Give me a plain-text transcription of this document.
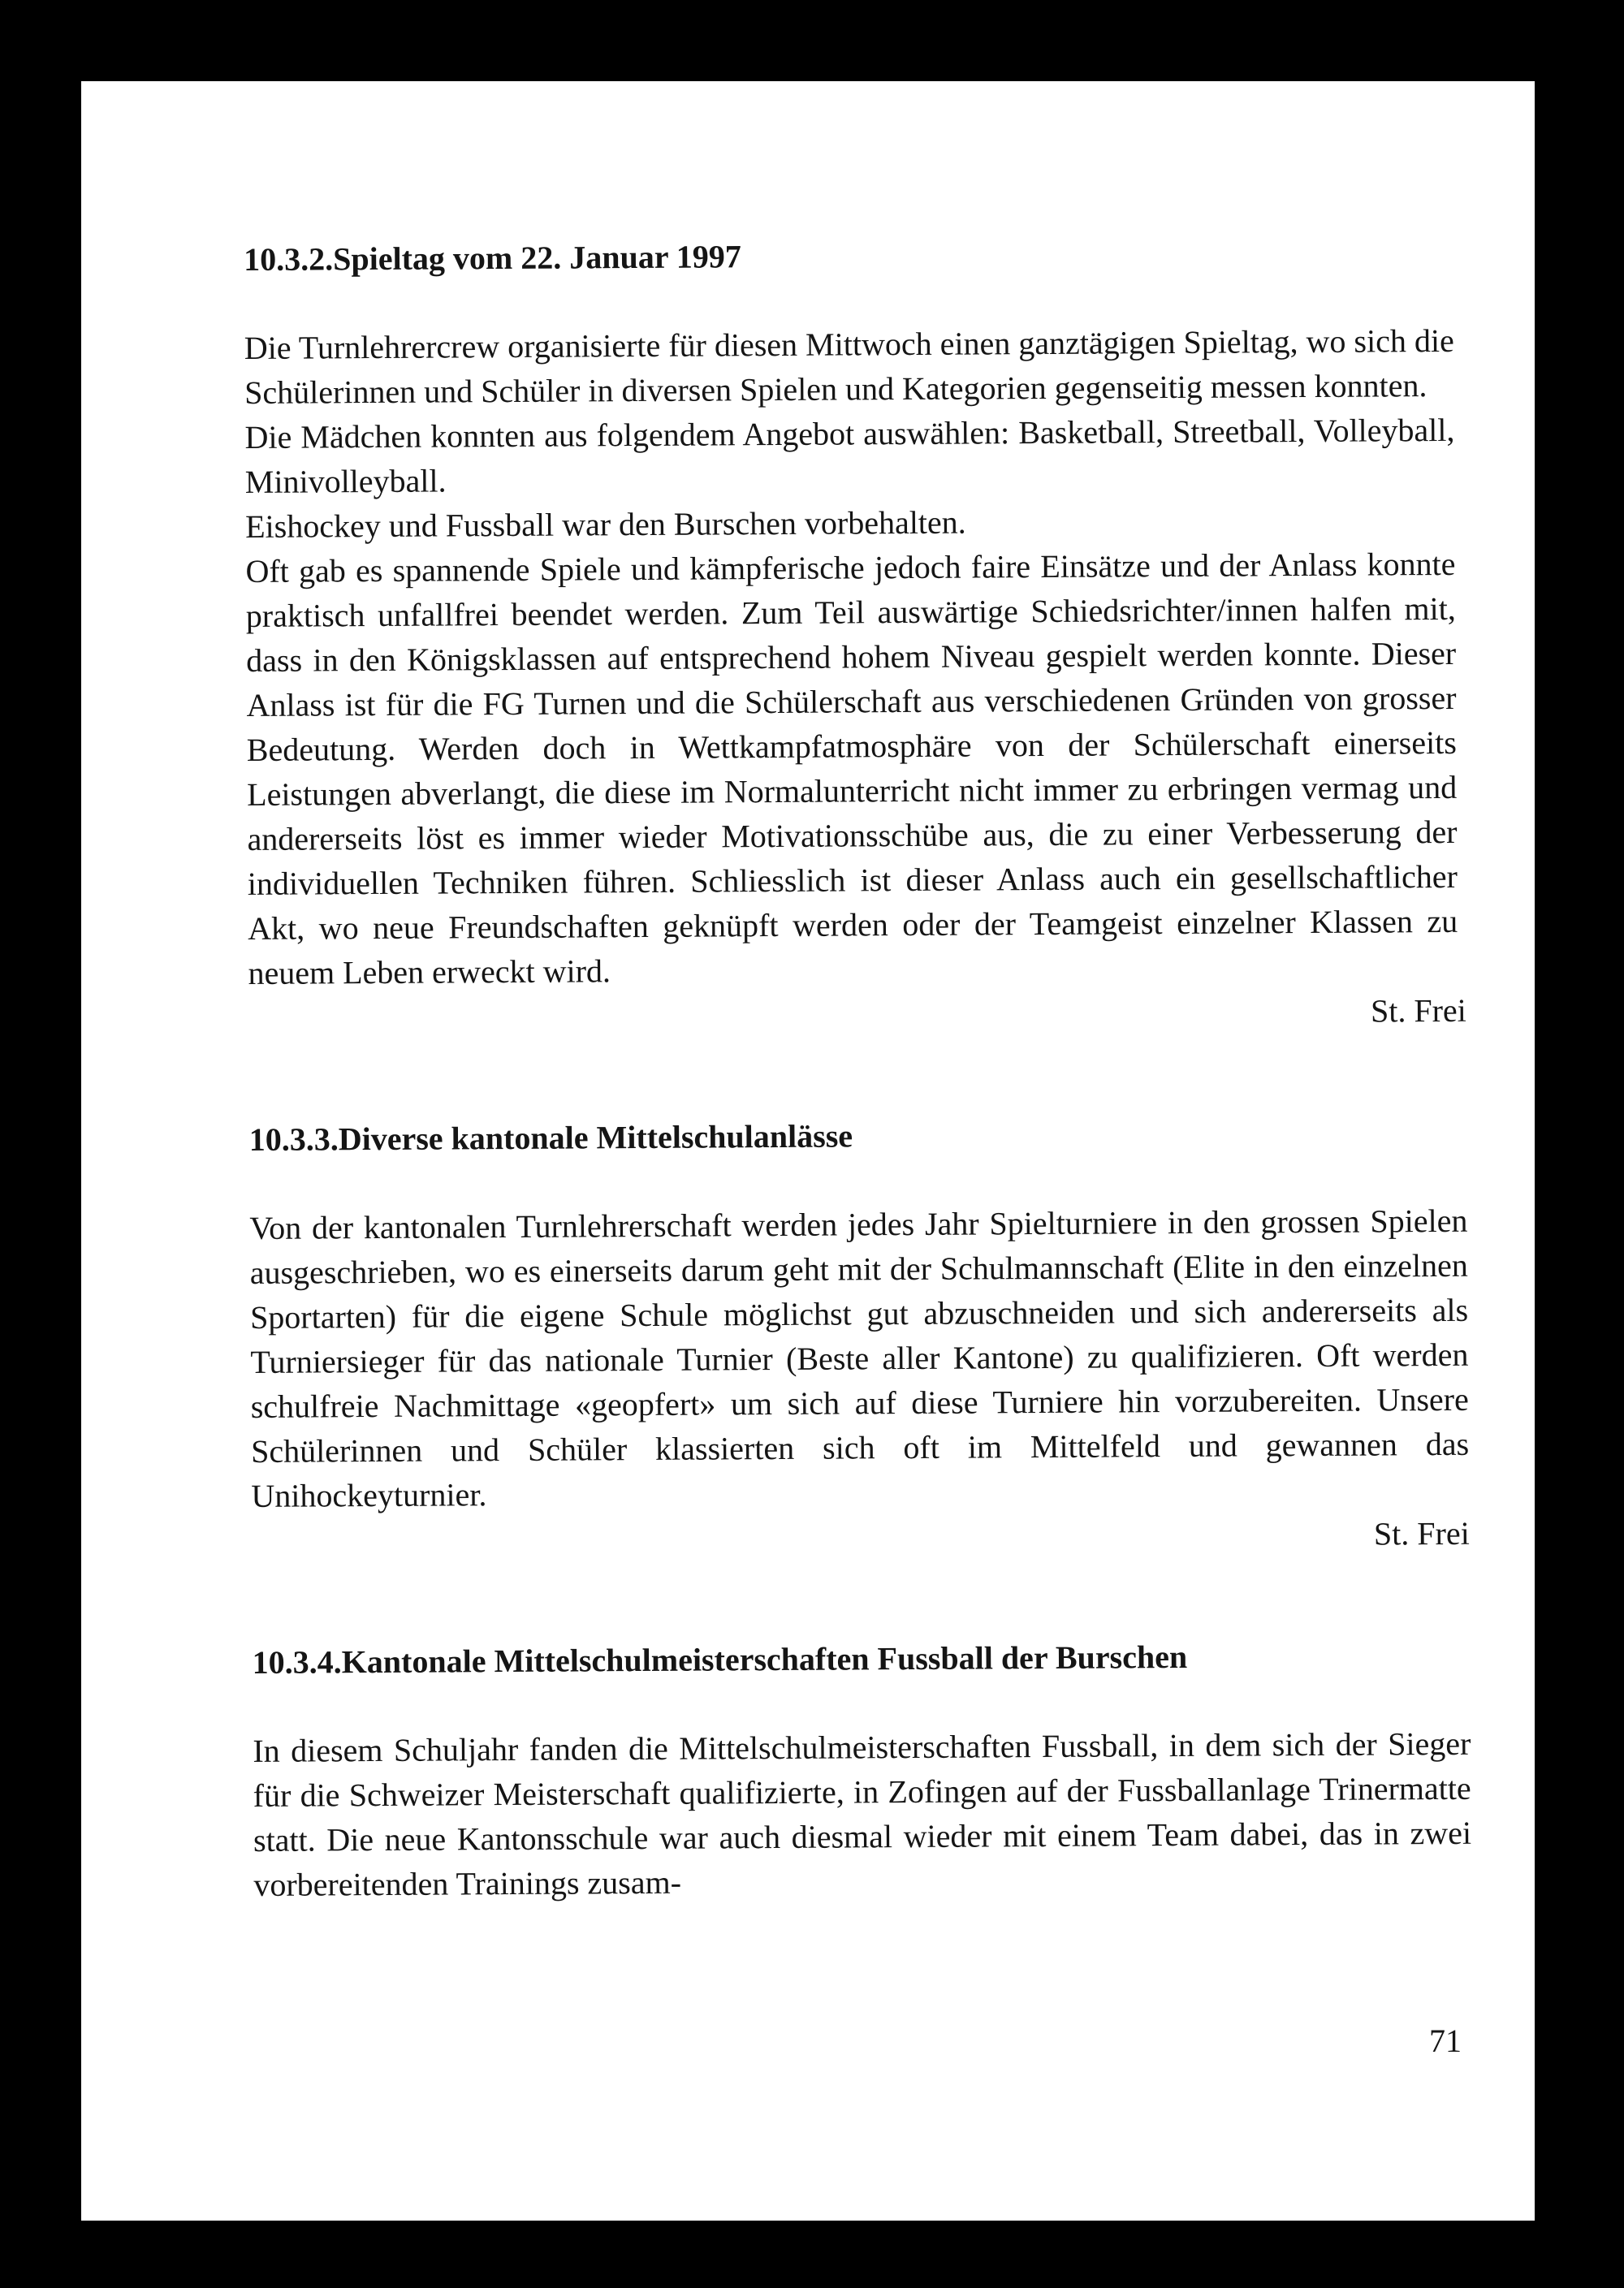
10.3.2.Spieltag vom 22. Januar 1997

Die Turnlehrercrew organisierte für diesen Mittwoch einen ganztägigen Spieltag, wo sich die Schülerinnen und Schüler in diversen Spielen und Kategorien gegenseitig messen konnten.

Die Mädchen konnten aus folgendem Angebot auswählen: Basketball, Streetball, Volleyball, Minivolleyball.

Eishockey und Fussball war den Burschen vorbehalten.

Oft gab es spannende Spiele und kämpferische jedoch faire Einsätze und der Anlass konnte praktisch unfallfrei beendet werden. Zum Teil auswärtige Schiedsrichter/innen halfen mit, dass in den Königsklassen auf entsprechend hohem Niveau gespielt werden konnte. Dieser Anlass ist für die FG Turnen und die Schülerschaft aus verschiedenen Gründen von grosser Bedeutung. Werden doch in Wettkampfatmosphäre von der Schülerschaft einerseits Leistungen abverlangt, die diese im Normalunterricht nicht immer zu erbringen vermag und andererseits löst es immer wieder Motivationsschübe aus, die zu einer Verbesserung der individuellen Techniken führen. Schliesslich ist dieser Anlass auch ein gesellschaftlicher Akt, wo neue Freundschaften geknüpft werden oder der Teamgeist einzelner Klassen zu neuem Leben erweckt wird.

St. Frei
10.3.3.Diverse kantonale Mittelschulanlässe

Von der kantonalen Turnlehrerschaft werden jedes Jahr Spielturniere in den grossen Spielen ausgeschrieben, wo es einerseits darum geht mit der Schulmannschaft (Elite in den einzelnen Sportarten) für die eigene Schule möglichst gut abzuschneiden und sich andererseits als Turniersieger für das nationale Turnier (Beste aller Kantone) zu qualifizieren. Oft werden schulfreie Nachmittage «geopfert» um sich auf diese Turniere hin vorzubereiten. Unsere Schülerinnen und Schüler klassierten sich oft im Mittelfeld und gewannen das Unihockeyturnier.

St. Frei
10.3.4.Kantonale Mittelschulmeisterschaften Fussball der Burschen

In diesem Schuljahr fanden die Mittelschulmeisterschaften Fussball, in dem sich der Sieger für die Schweizer Meisterschaft qualifizierte, in Zofingen auf der Fussballanlage Trinermatte statt. Die neue Kantonsschule war auch diesmal wieder mit einem Team dabei, das in zwei vorbereitenden Trainings zusam-

71
